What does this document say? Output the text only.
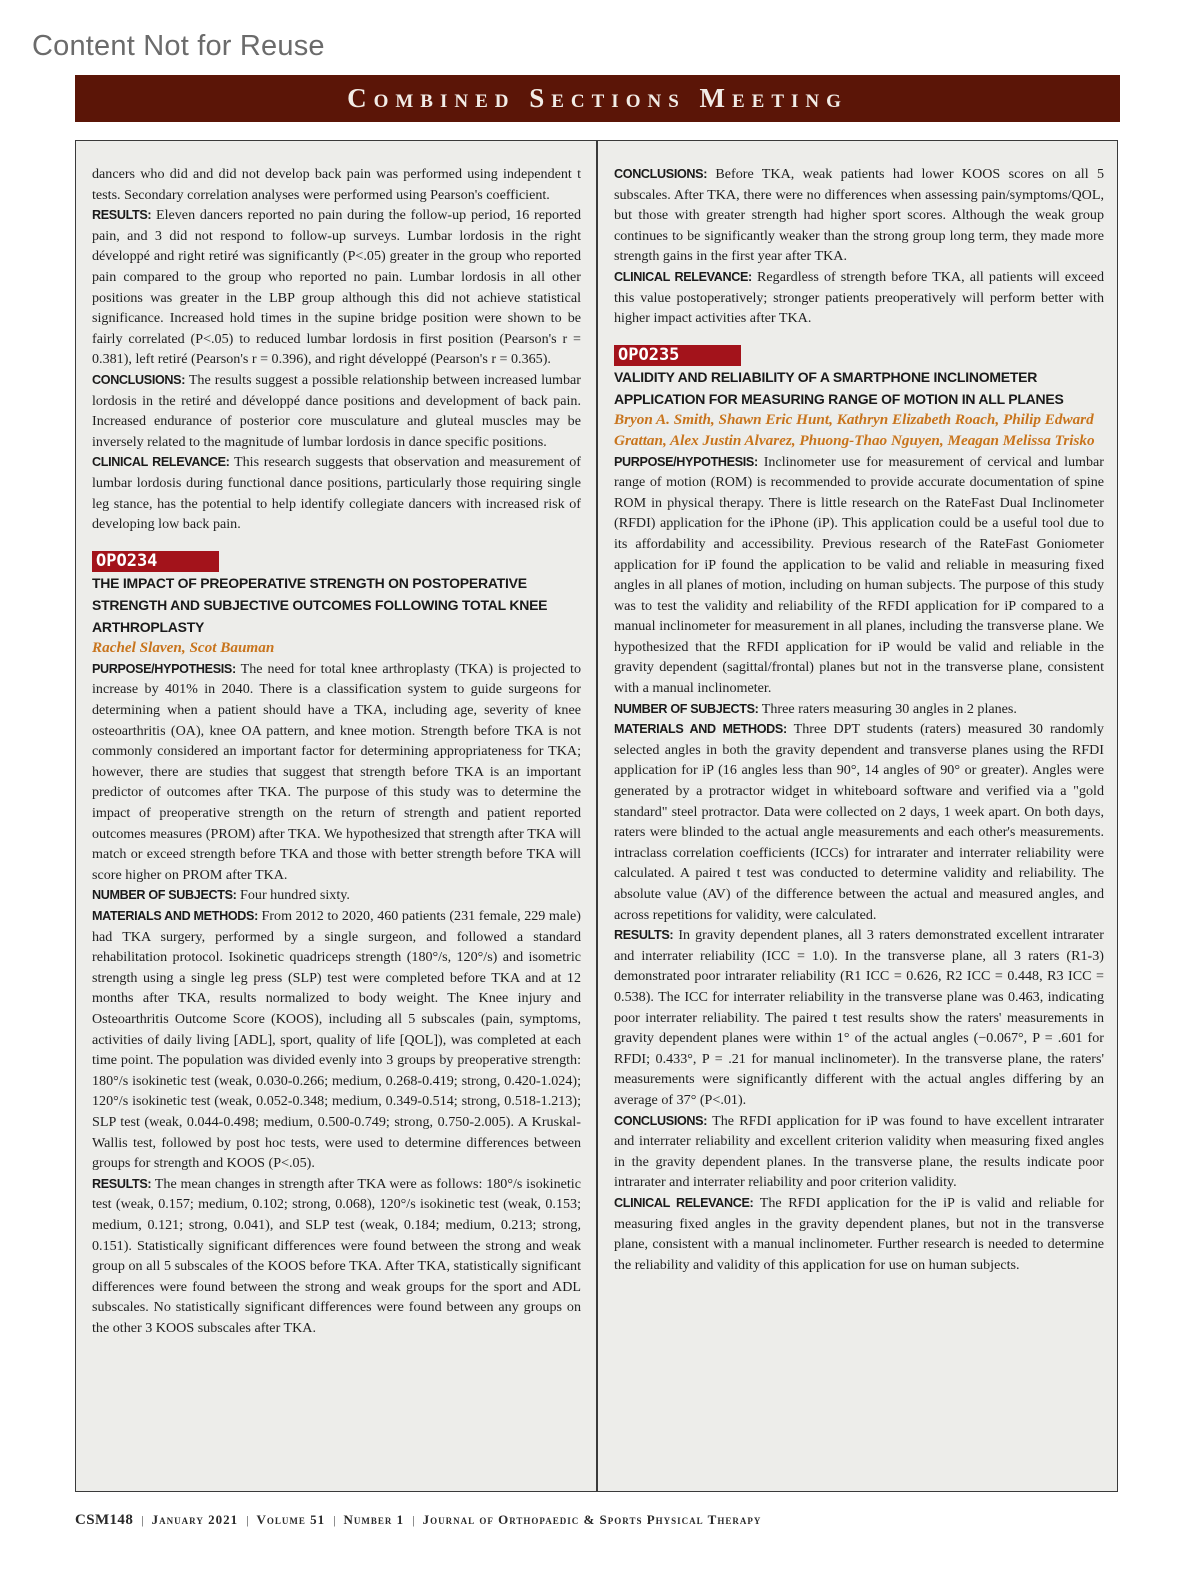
Content Not for Reuse
Combined Sections Meeting

dancers who did and did not develop back pain was performed using independent t tests. Secondary correlation analyses were performed using Pearson's coefficient.

RESULTS: Eleven dancers reported no pain during the follow-up period, 16 reported pain, and 3 did not respond to follow-up surveys. Lumbar lordosis in the right développé and right retiré was significantly (P<.05) greater in the group who reported pain compared to the group who reported no pain. Lumbar lordosis in all other positions was greater in the LBP group although this did not achieve statistical significance. Increased hold times in the supine bridge position were shown to be fairly correlated (P<.05) to reduced lumbar lordosis in first position (Pearson's r = 0.381), left retiré (Pearson's r = 0.396), and right développé (Pearson's r = 0.365).

CONCLUSIONS: The results suggest a possible relationship between increased lumbar lordosis in the retiré and développé dance positions and development of back pain. Increased endurance of posterior core musculature and gluteal muscles may be inversely related to the magnitude of lumbar lordosis in dance specific positions.

CLINICAL RELEVANCE: This research suggests that observation and measurement of lumbar lordosis during functional dance positions, particularly those requiring single leg stance, has the potential to help identify collegiate dancers with increased risk of developing low back pain.

OPO234

THE IMPACT OF PREOPERATIVE STRENGTH ON POSTOPERATIVE STRENGTH AND SUBJECTIVE OUTCOMES FOLLOWING TOTAL KNEE ARTHROPLASTY

Rachel Slaven, Scot Bauman

PURPOSE/HYPOTHESIS: The need for total knee arthroplasty (TKA) is projected to increase by 401% in 2040. There is a classification system to guide surgeons for determining when a patient should have a TKA, including age, severity of knee osteoarthritis (OA), knee OA pattern, and knee motion. Strength before TKA is not commonly considered an important factor for determining appropriateness for TKA; however, there are studies that suggest that strength before TKA is an important predictor of outcomes after TKA. The purpose of this study was to determine the impact of preoperative strength on the return of strength and patient reported outcomes measures (PROM) after TKA. We hypothesized that strength after TKA will match or exceed strength before TKA and those with better strength before TKA will score higher on PROM after TKA.

NUMBER OF SUBJECTS: Four hundred sixty.

MATERIALS AND METHODS: From 2012 to 2020, 460 patients (231 female, 229 male) had TKA surgery, performed by a single surgeon, and followed a standard rehabilitation protocol. Isokinetic quadriceps strength (180°/s, 120°/s) and isometric strength using a single leg press (SLP) test were completed before TKA and at 12 months after TKA, results normalized to body weight. The Knee injury and Osteoarthritis Outcome Score (KOOS), including all 5 subscales (pain, symptoms, activities of daily living [ADL], sport, quality of life [QOL]), was completed at each time point. The population was divided evenly into 3 groups by preoperative strength: 180°/s isokinetic test (weak, 0.030-0.266; medium, 0.268-0.419; strong, 0.420-1.024); 120°/s isokinetic test (weak, 0.052-0.348; medium, 0.349-0.514; strong, 0.518-1.213); SLP test (weak, 0.044-0.498; medium, 0.500-0.749; strong, 0.750-2.005). A Kruskal-Wallis test, followed by post hoc tests, were used to determine differences between groups for strength and KOOS (P<.05).

RESULTS: The mean changes in strength after TKA were as follows: 180°/s isokinetic test (weak, 0.157; medium, 0.102; strong, 0.068), 120°/s isokinetic test (weak, 0.153; medium, 0.121; strong, 0.041), and SLP test (weak, 0.184; medium, 0.213; strong, 0.151). Statistically significant differences were found between the strong and weak group on all 5 subscales of the KOOS before TKA. After TKA, statistically significant differences were found between the strong and weak groups for the sport and ADL subscales. No statistically significant differences were found between any groups on the other 3 KOOS subscales after TKA.

CONCLUSIONS: Before TKA, weak patients had lower KOOS scores on all 5 subscales. After TKA, there were no differences when assessing pain/symptoms/QOL, but those with greater strength had higher sport scores. Although the weak group continues to be significantly weaker than the strong group long term, they made more strength gains in the first year after TKA.

CLINICAL RELEVANCE: Regardless of strength before TKA, all patients will exceed this value postoperatively; stronger patients preoperatively will perform better with higher impact activities after TKA.

OPO235

VALIDITY AND RELIABILITY OF A SMARTPHONE INCLINOMETER APPLICATION FOR MEASURING RANGE OF MOTION IN ALL PLANES

Bryon A. Smith, Shawn Eric Hunt, Kathryn Elizabeth Roach, Philip Edward Grattan, Alex Justin Alvarez, Phuong-Thao Nguyen, Meagan Melissa Trisko

PURPOSE/HYPOTHESIS: Inclinometer use for measurement of cervical and lumbar range of motion (ROM) is recommended to provide accurate documentation of spine ROM in physical therapy. There is little research on the RateFast Dual Inclinometer (RFDI) application for the iPhone (iP). This application could be a useful tool due to its affordability and accessibility. Previous research of the RateFast Goniometer application for iP found the application to be valid and reliable in measuring fixed angles in all planes of motion, including on human subjects. The purpose of this study was to test the validity and reliability of the RFDI application for iP compared to a manual inclinometer for measurement in all planes, including the transverse plane. We hypothesized that the RFDI application for iP would be valid and reliable in the gravity dependent (sagittal/frontal) planes but not in the transverse plane, consistent with a manual inclinometer.

NUMBER OF SUBJECTS: Three raters measuring 30 angles in 2 planes.

MATERIALS AND METHODS: Three DPT students (raters) measured 30 randomly selected angles in both the gravity dependent and transverse planes using the RFDI application for iP (16 angles less than 90°, 14 angles of 90° or greater). Angles were generated by a protractor widget in whiteboard software and verified via a "gold standard" steel protractor. Data were collected on 2 days, 1 week apart. On both days, raters were blinded to the actual angle measurements and each other's measurements. intraclass correlation coefficients (ICCs) for intrarater and interrater reliability were calculated. A paired t test was conducted to determine validity and reliability. The absolute value (AV) of the difference between the actual and measured angles, and across repetitions for validity, were calculated.

RESULTS: In gravity dependent planes, all 3 raters demonstrated excellent intrarater and interrater reliability (ICC = 1.0). In the transverse plane, all 3 raters (R1-3) demonstrated poor intrarater reliability (R1 ICC = 0.626, R2 ICC = 0.448, R3 ICC = 0.538). The ICC for interrater reliability in the transverse plane was 0.463, indicating poor interrater reliability. The paired t test results show the raters' measurements in gravity dependent planes were within 1° of the actual angles (−0.067°, P = .601 for RFDI; 0.433°, P = .21 for manual inclinometer). In the transverse plane, the raters' measurements were significantly different with the actual angles differing by an average of 37° (P<.01).

CONCLUSIONS: The RFDI application for iP was found to have excellent intrarater and interrater reliability and excellent criterion validity when measuring fixed angles in the gravity dependent planes. In the transverse plane, the results indicate poor intrarater and interrater reliability and poor criterion validity.

CLINICAL RELEVANCE: The RFDI application for the iP is valid and reliable for measuring fixed angles in the gravity dependent planes, but not in the transverse plane, consistent with a manual inclinometer. Further research is needed to determine the reliability and validity of this application for use on human subjects.

CSM148 | January 2021 | Volume 51 | Number 1 | Journal of Orthopaedic & Sports Physical Therapy
